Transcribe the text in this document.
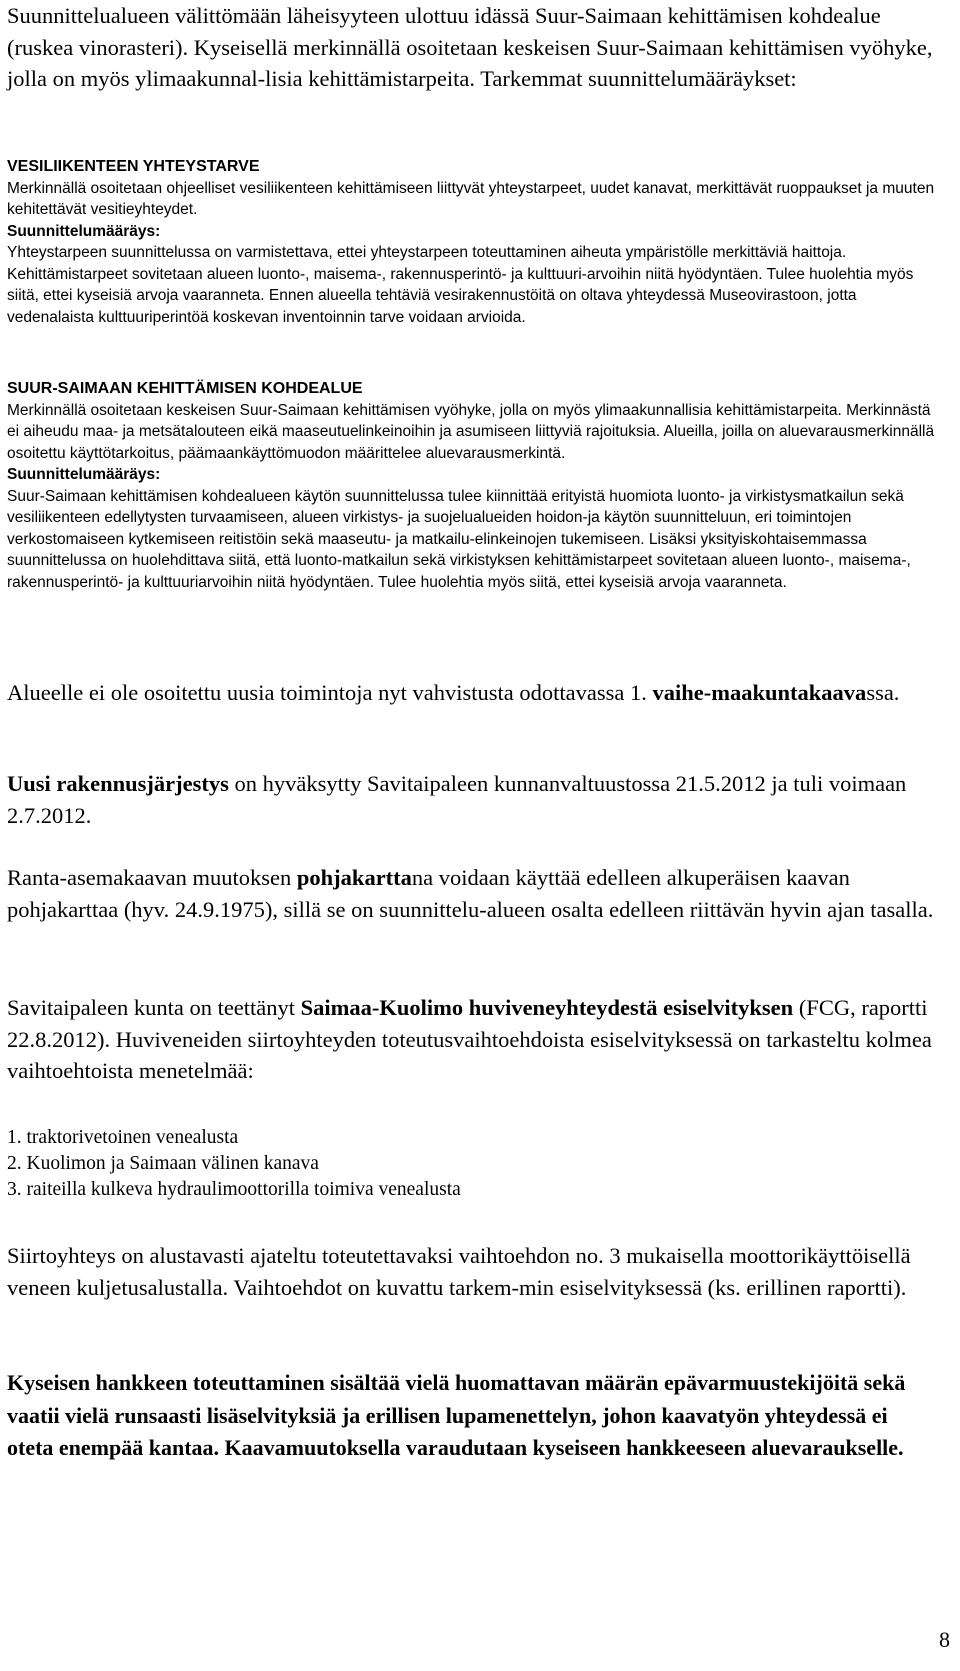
Suunnittelualueen välittömään läheisyyteen ulottuu idässä Suur-Saimaan kehittämisen kohdealue (ruskea vinorasteri). Kyseisellä merkinnällä osoitetaan keskeisen Suur-Saimaan kehittämisen vyöhyke, jolla on myös ylimaakunnal-lisia kehittämistarpeita. Tarkemmat suunnittelumääräykset:

VESILIIKENTEEN YHTEYSTARVE

Merkinnällä osoitetaan ohjeelliset vesiliikenteen kehittämiseen liittyvät yhteystarpeet, uudet kanavat, merkittävät ruoppaukset ja muuten kehitettävät vesitieyhteydet.

Suunnittelumääräys:

Yhteystarpeen suunnittelussa on varmistettava, ettei yhteystarpeen toteuttaminen aiheuta ympäristölle merkittäviä haittoja. Kehittämistarpeet sovitetaan alueen luonto-, maisema-, rakennusperintö- ja kulttuuri-arvoihin niitä hyödyntäen. Tulee huolehtia myös siitä, ettei kyseisiä arvoja vaaranneta. Ennen alueella tehtäviä vesirakennustöitä on oltava yhteydessä Museovirastoon, jotta vedenalaista kulttuuriperintöä koskevan inventoinnin tarve voidaan arvioida.

SUUR-SAIMAAN KEHITTÄMISEN KOHDEALUE

Merkinnällä osoitetaan keskeisen Suur-Saimaan kehittämisen vyöhyke, jolla on myös ylimaakunnallisia kehittämistarpeita. Merkinnästä ei aiheudu maa- ja metsätalouteen eikä maaseutuelinkeinoihin ja asumiseen liittyviä rajoituksia. Alueilla, joilla on aluevarausmerkinnällä osoitettu käyttötarkoitus, päämaankäyttömuodon määrittelee aluevarausmerkintä.

Suunnittelumääräys:

Suur-Saimaan kehittämisen kohdealueen käytön suunnittelussa tulee kiinnittää erityistä huomiota luonto- ja virkistysmatkailun sekä vesiliikenteen edellytysten turvaamiseen, alueen virkistys- ja suojelualueiden hoidon-ja käytön suunnitteluun, eri toimintojen verkostomaiseen kytkemiseen reitistöin sekä maaseutu- ja matkailu-elinkeinojen tukemiseen. Lisäksi yksityiskohtaisemmassa suunnittelussa on huolehdittava siitä, että luonto-matkailun sekä virkistyksen kehittämistarpeet sovitetaan alueen luonto-, maisema-, rakennusperintö- ja kulttuuriarvoihin niitä hyödyntäen. Tulee huolehtia myös siitä, ettei kyseisiä arvoja vaaranneta.

Alueelle ei ole osoitettu uusia toimintoja nyt vahvistusta odottavassa 1. vaihe-maakuntakaavassa.

Uusi rakennusjärjestys on hyväksytty Savitaipaleen kunnanvaltuustossa 21.5.2012 ja tuli voimaan 2.7.2012.

Ranta-asemakaavan muutoksen pohjakarttana voidaan käyttää edelleen alkuperäisen kaavan pohjakarttaa (hyv. 24.9.1975), sillä se on suunnittelu-alueen osalta edelleen riittävän hyvin ajan tasalla.

Savitaipaleen kunta on teettänyt Saimaa-Kuolimo huviveneyhteydestä esiselvityksen (FCG, raportti 22.8.2012). Huviveneiden siirtoyhteyden toteutusvaihtoehdoista esiselvityksessä on tarkasteltu kolmea vaihtoehtoista menetelmää:

1. traktorivetoinen venealusta
2. Kuolimon ja Saimaan välinen kanava
3. raiteilla kulkeva hydraulimoottorilla toimiva venealusta

Siirtoyhteys on alustavasti ajateltu toteutettavaksi vaihtoehdon no. 3 mukaisella moottorikäyttöisellä veneen kuljetusalustalla. Vaihtoehdot on kuvattu tarkem-min esiselvityksessä (ks. erillinen raportti).

Kyseisen hankkeen toteuttaminen sisältää vielä huomattavan määrän epävarmuustekijöitä sekä vaatii vielä runsaasti lisäselvityksiä ja erillisen lupamenettelyn, johon kaavatyön yhteydessä ei oteta enempää kantaa. Kaavamuutoksella varaudutaan kyseiseen hankkeeseen aluevaraukselle.

8
